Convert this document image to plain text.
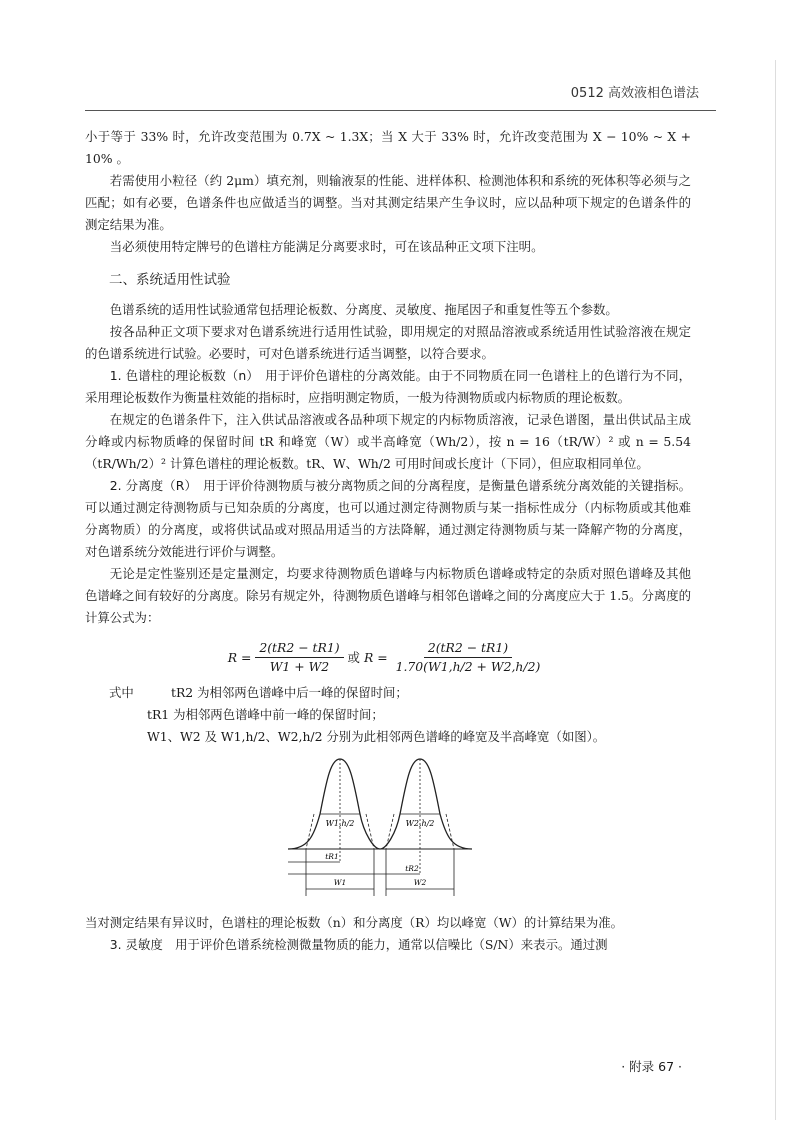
0512 高效液相色谱法

小于等于 33% 时，允许改变范围为 0.7X ~ 1.3X；当 X 大于 33% 时，允许改变范围为 X − 10% ~ X + 10% 。

若需使用小粒径（约 2μm）填充剂，则输液泵的性能、进样体积、检测池体积和系统的死体积等必须与之匹配；如有必要，色谱条件也应做适当的调整。当对其测定结果产生争议时，应以品种项下规定的色谱条件的测定结果为准。

当必须使用特定牌号的色谱柱方能满足分离要求时，可在该品种正文项下注明。

二、系统适用性试验

色谱系统的适用性试验通常包括理论板数、分离度、灵敏度、拖尾因子和重复性等五个参数。

按各品种正文项下要求对色谱系统进行适用性试验，即用规定的对照品溶液或系统适用性试验溶液在规定的色谱系统进行试验。必要时，可对色谱系统进行适当调整，以符合要求。

1. 色谱柱的理论板数（n）　 用于评价色谱柱的分离效能。由于不同物质在同一色谱柱上的色谱行为不同，采用理论板数作为衡量柱效能的指标时，应指明测定物质，一般为待测物质或内标物质的理论板数。

在规定的色谱条件下，注入供试品溶液或各品种项下规定的内标物质溶液，记录色谱图，量出供试品主成分峰或内标物质峰的保留时间 tR 和峰宽（W）或半高峰宽（Wh/2），按 n = 16（tR/W）² 或 n = 5.54（tR/Wh/2）² 计算色谱柱的理论板数。tR、W、Wh/2 可用时间或长度计（下同），但应取相同单位。

2. 分离度（R）　 用于评价待测物质与被分离物质之间的分离程度，是衡量色谱系统分离效能的关键指标。可以通过测定待测物质与已知杂质的分离度，也可以通过测定待测物质与某一指标性成分（内标物质或其他难分离物质）的分离度，或将供试品或对照品用适当的方法降解，通过测定待测物质与某一降解产物的分离度，对色谱系统分效能进行评价与调整。

无论是定性鉴别还是定量测定，均要求待测物质色谱峰与内标物质色谱峰或特定的杂质对照色谱峰及其他色谱峰之间有较好的分离度。除另有规定外，待测物质色谱峰与相邻色谱峰之间的分离度应大于 1.5。分离度的计算公式为：

$R = \frac{2(tR2 - tR1)}{W1 + W2}$ 或 $R = \frac{2(tR2 - tR1)}{1.70(W1,h/2 + W2,h/2)}$
式中	tR2 为相邻两色谱峰中后一峰的保留时间；
tR1 为相邻两色谱峰中前一峰的保留时间；
W1、W2 及 W1,h/2、W2,h/2 分别为此相邻两色谱峰的峰宽及半高峰宽（如图）。
W1,h/2	W2,h/2
tR1
tR2
W1	W2

当对测定结果有异议时，色谱柱的理论板数（n）和分离度（R）均以峰宽（W）的计算结果为准。

3. 灵敏度　 用于评价色谱系统检测微量物质的能力，通常以信噪比（S/N）来表示。通过测

· 附录 67 ·
